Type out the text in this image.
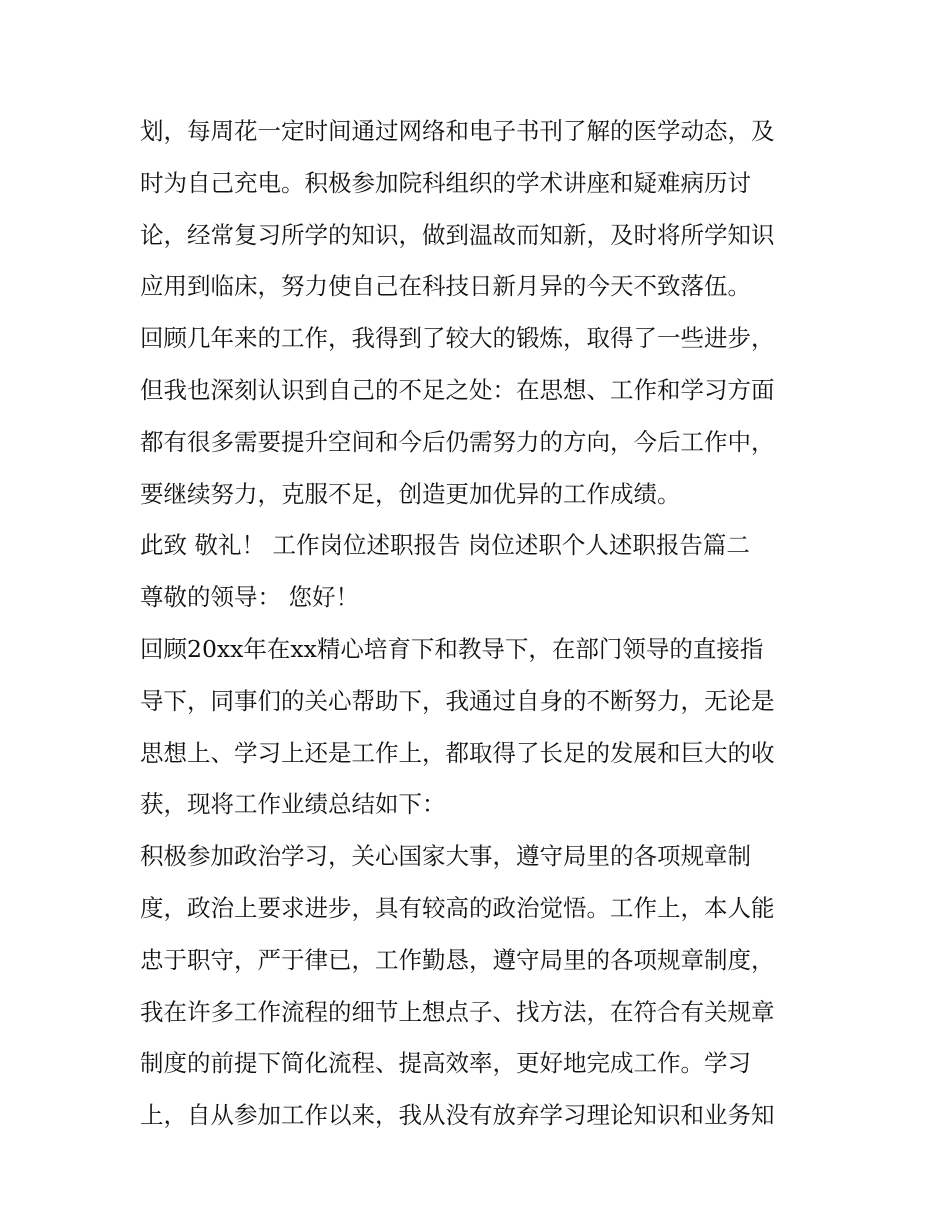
划，每周花一定时间通过网络和电子书刊了解的医学动态，及
时为自己充电。积极参加院科组织的学术讲座和疑难病历讨
论，经常复习所学的知识，做到温故而知新，及时将所学知识
应用到临床，努力使自己在科技日新月异的今天不致落伍。
回顾几年来的工作，我得到了较大的锻炼，取得了一些进步，
但我也深刻认识到自己的不足之处：在思想、工作和学习方面
都有很多需要提升空间和今后仍需努力的方向，今后工作中，
要继续努力，克服不足，创造更加优异的工作成绩。
此致 敬礼！ 工作岗位述职报告 岗位述职个人述职报告篇二
尊敬的领导： 您好！
回顾20xx年在xx精心培育下和教导下，在部门领导的直接指
导下，同事们的关心帮助下，我通过自身的不断努力，无论是
思想上、学习上还是工作上，都取得了长足的发展和巨大的收
获，现将工作业绩总结如下：
积极参加政治学习，关心国家大事，遵守局里的各项规章制
度，政治上要求进步，具有较高的政治觉悟。工作上，本人能
忠于职守，严于律已，工作勤恳，遵守局里的各项规章制度，
我在许多工作流程的细节上想点子、找方法，在符合有关规章
制度的前提下简化流程、提高效率，更好地完成工作。学习
上，自从参加工作以来，我从没有放弃学习理论知识和业务知
